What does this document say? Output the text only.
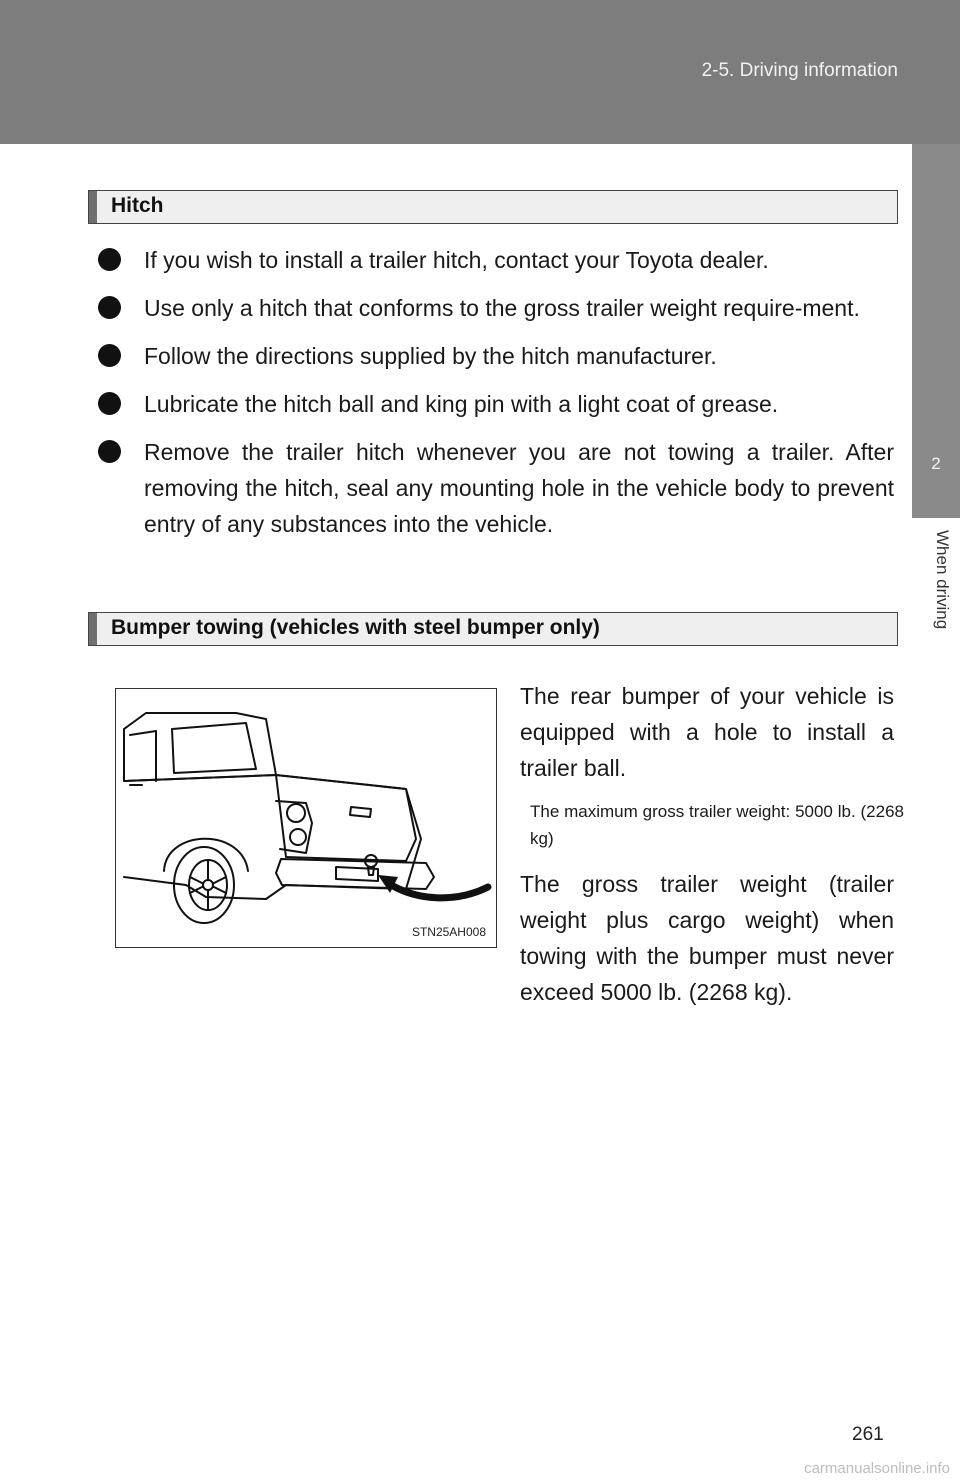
2-5. Driving information
2
When driving
Hitch
If you wish to install a trailer hitch, contact your Toyota dealer.
Use only a hitch that conforms to the gross trailer weight require-ment.
Follow the directions supplied by the hitch manufacturer.
Lubricate the hitch ball and king pin with a light coat of grease.
Remove the trailer hitch whenever you are not towing a trailer. After removing the hitch, seal any mounting hole in the vehicle body to prevent entry of any substances into the vehicle.
Bumper towing (vehicles with steel bumper only)
STN25AH008
The rear bumper of your vehicle is equipped with a hole to install a trailer ball.
The maximum gross trailer weight: 5000 lb. (2268 kg)
The gross trailer weight (trailer weight plus cargo weight) when towing with the bumper must never exceed 5000 lb. (2268 kg).
261
carmanualsonline.info
